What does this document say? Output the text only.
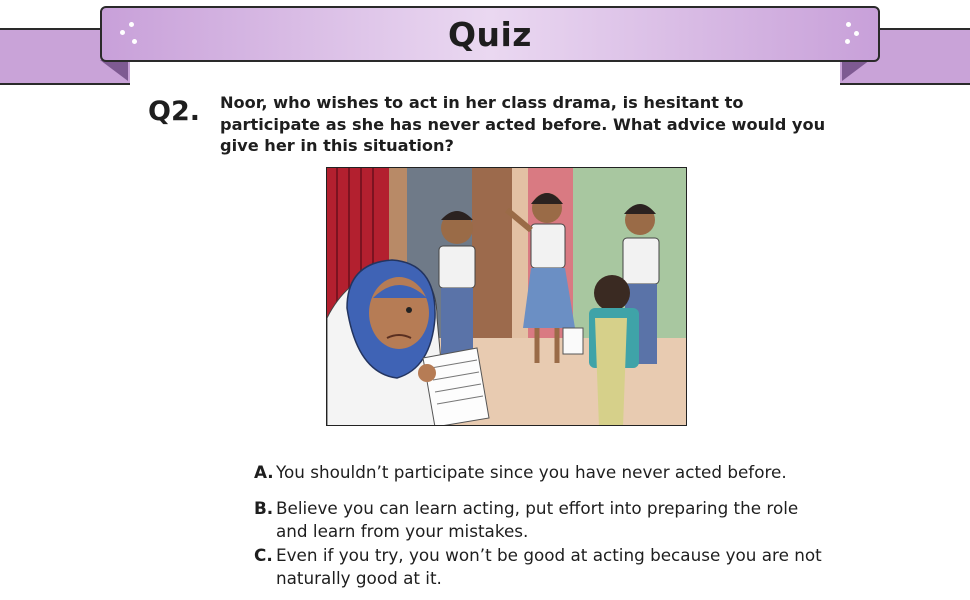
Quiz
Q2. Noor, who wishes to act in her class drama, is hesitant to participate as she has never acted before. What advice would you give her in this situation?
A. You shouldn’t participate since you have never acted before.
B. Believe you can learn acting, put effort into preparing the role and learn from your mistakes.
C. Even if you try, you won’t be good at acting because you are not naturally good at it.
